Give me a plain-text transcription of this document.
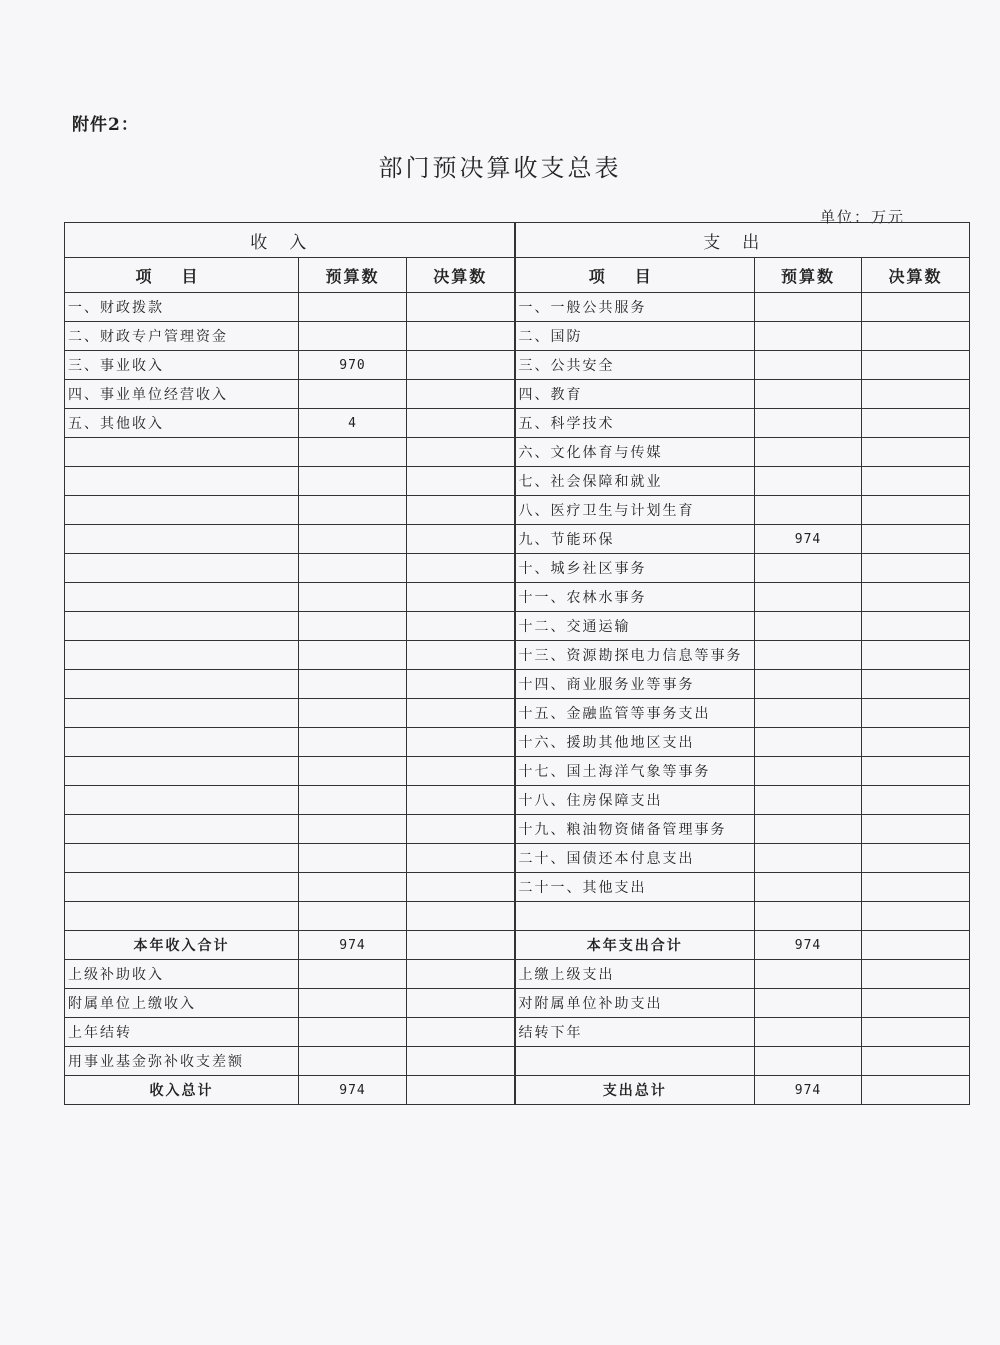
附件2：
部门预决算收支总表
单位：万元
收入			支出		
项目	预算数	决算数	项目	预算数	决算数
一、财政拨款			一、一般公共服务		
二、财政专户管理资金			二、国防		
三、事业收入	970		三、公共安全		
四、事业单位经营收入			四、教育		
五、其他收入	4		五、科学技术		
			六、文化体育与传媒		
			七、社会保障和就业		
			八、医疗卫生与计划生育		
			九、节能环保	974	
			十、城乡社区事务		
			十一、农林水事务		
			十二、交通运输		
			十三、资源勘探电力信息等事务		
			十四、商业服务业等事务		
			十五、金融监管等事务支出		
			十六、援助其他地区支出		
			十七、国土海洋气象等事务		
			十八、住房保障支出		
			十九、粮油物资储备管理事务		
			二十、国债还本付息支出		
			二十一、其他支出		

本年收入合计	974		本年支出合计	974	
上级补助收入			上缴上级支出		
附属单位上缴收入			对附属单位补助支出		
上年结转			结转下年		
用事业基金弥补收支差额					
收入总计	974		支出总计	974	
